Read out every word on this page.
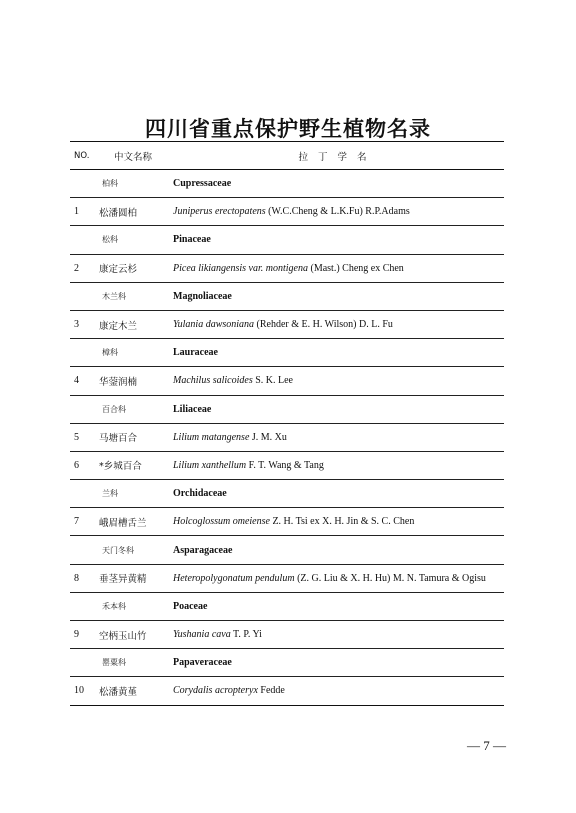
四川省重点保护野生植物名录
NO.	中文名称	拉丁学名
	柏科	Cupressaceae
1	松潘圆柏	Juniperus erectopatens (W.C.Cheng & L.K.Fu) R.P.Adams
	松科	Pinaceae
2	康定云杉	Picea likiangensis var. montigena (Mast.) Cheng ex Chen
	木兰科	Magnoliaceae
3	康定木兰	Yulania dawsoniana (Rehder & E. H. Wilson) D. L. Fu
	樟科	Lauraceae
4	华蓥润楠	Machilus salicoides S. K. Lee
	百合科	Liliaceae
5	马塘百合	Lilium matangense J. M. Xu
6	*乡城百合	Lilium xanthellum F. T. Wang & Tang
	兰科	Orchidaceae
7	峨眉槽舌兰	Holcoglossum omeiense Z. H. Tsi ex X. H. Jin & S. C. Chen
	天门冬科	Asparagaceae
8	垂茎异黄精	Heteropolygonatum pendulum (Z. G. Liu & X. H. Hu) M. N. Tamura & Ogisu
	禾本科	Poaceae
9	空柄玉山竹	Yushania cava T. P. Yi
	罂粟科	Papaveraceae
10	松潘黄堇	Corydalis acropteryx Fedde
— 7 —
